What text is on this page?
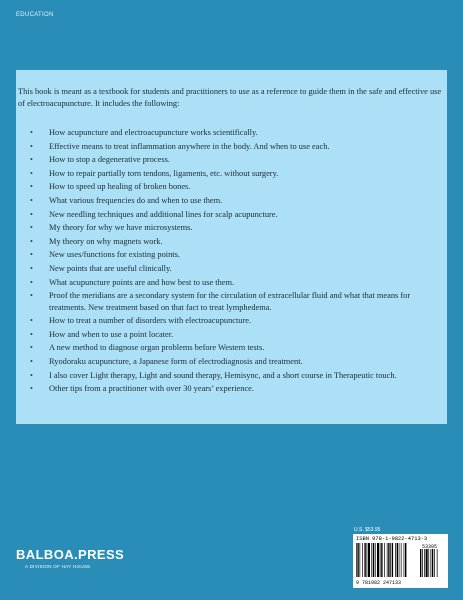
EDUCATION

This book is meant as a textbook for students and practitioners to use as a reference to guide them in the safe and effective use of electroacupuncture. It includes the following:

• How acupuncture and electroacupuncture works scientifically.
• Effective means to treat inflammation anywhere in the body. And when to use each.
• How to stop a degenerative process.
• How to repair partially torn tendons, ligaments, etc. without surgery.
• How to speed up healing of broken bones.
• What various frequencies do and when to use them.
• New needling techniques and additional lines for scalp acupuncture.
• My theory for why we have microsystems.
• My theory on why magnets work.
• New uses/functions for existing points.
• New points that are useful clinically.
• What acupuncture points are and how best to use them.
• Proof the meridians are a secondary system for the circulation of extracellular fluid and what that means for treatments. New treatment based on that fact to treat lymphedema.
• How to treat a number of disorders with electroacupuncture.
• How and when to use a point locater.
• A new method to diagnose organ problems before Western tests.
• Ryodoraku acupuncture, a Japanese form of electrodiagnosis and treatment.
• I also cover Light therapy, Light and sound therapy, Hemisync, and a short course in Therapeutic touch.
• Other tips from a practitioner with over 30 years’ experience.
BALBOA.PRESS
A DIVISION OF HAY HOUSE
U.S. $53.95
ISBN 978-1-9822-4713-3
53395
9 781982 247133
